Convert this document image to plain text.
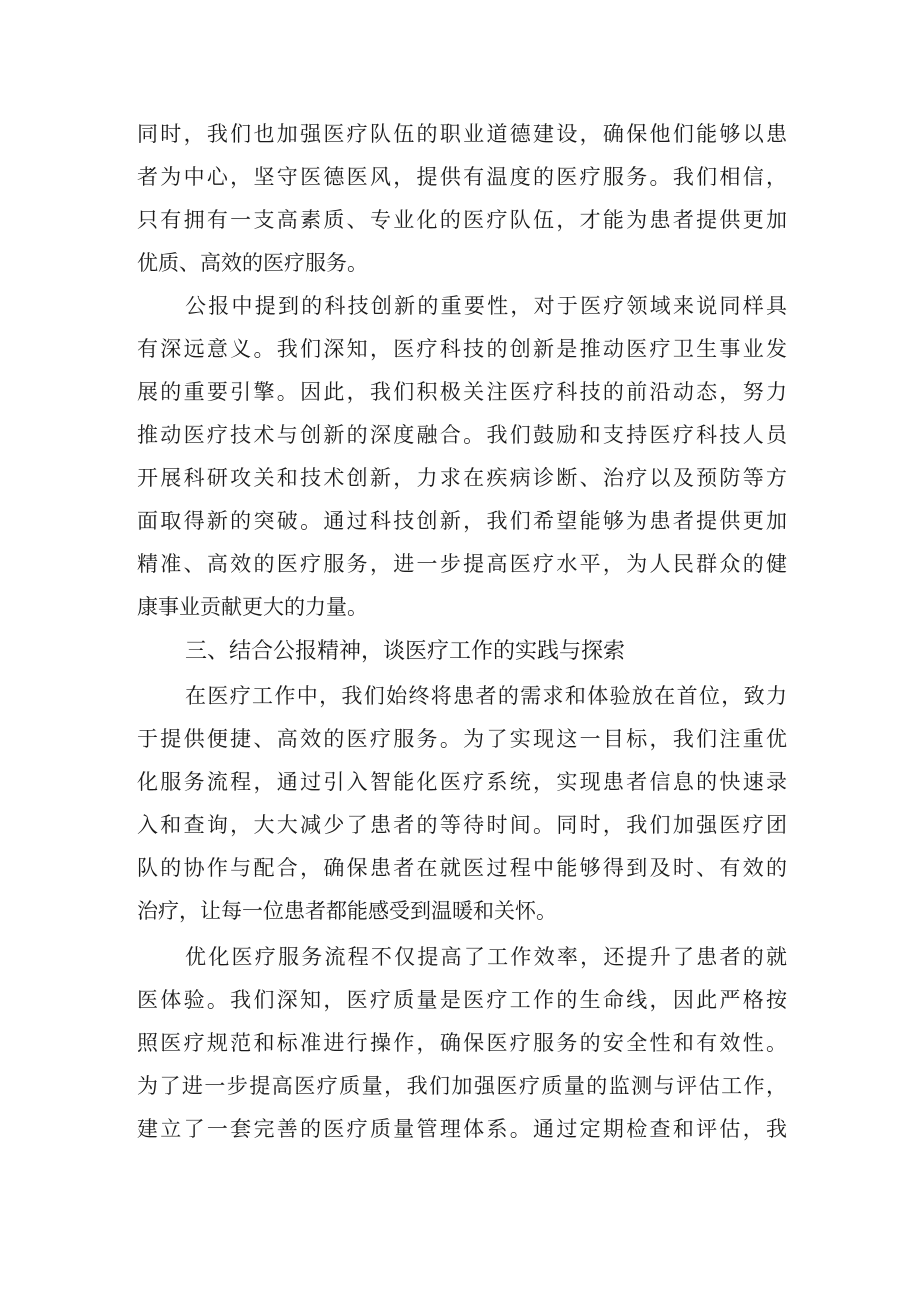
同时，我们也加强医疗队伍的职业道德建设，确保他们能够以患
者为中心，坚守医德医风，提供有温度的医疗服务。我们相信，
只有拥有一支高素质、专业化的医疗队伍，才能为患者提供更加
优质、高效的医疗服务。
公报中提到的科技创新的重要性，对于医疗领域来说同样具
有深远意义。我们深知，医疗科技的创新是推动医疗卫生事业发
展的重要引擎。因此，我们积极关注医疗科技的前沿动态，努力
推动医疗技术与创新的深度融合。我们鼓励和支持医疗科技人员
开展科研攻关和技术创新，力求在疾病诊断、治疗以及预防等方
面取得新的突破。通过科技创新，我们希望能够为患者提供更加
精准、高效的医疗服务，进一步提高医疗水平，为人民群众的健
康事业贡献更大的力量。
三、结合公报精神，谈医疗工作的实践与探索
在医疗工作中，我们始终将患者的需求和体验放在首位，致力
于提供便捷、高效的医疗服务。为了实现这一目标，我们注重优
化服务流程，通过引入智能化医疗系统，实现患者信息的快速录
入和查询，大大减少了患者的等待时间。同时，我们加强医疗团
队的协作与配合，确保患者在就医过程中能够得到及时、有效的
治疗，让每一位患者都能感受到温暖和关怀。
优化医疗服务流程不仅提高了工作效率，还提升了患者的就
医体验。我们深知，医疗质量是医疗工作的生命线，因此严格按
照医疗规范和标准进行操作，确保医疗服务的安全性和有效性。
为了进一步提高医疗质量，我们加强医疗质量的监测与评估工作，
建立了一套完善的医疗质量管理体系。通过定期检查和评估，我
